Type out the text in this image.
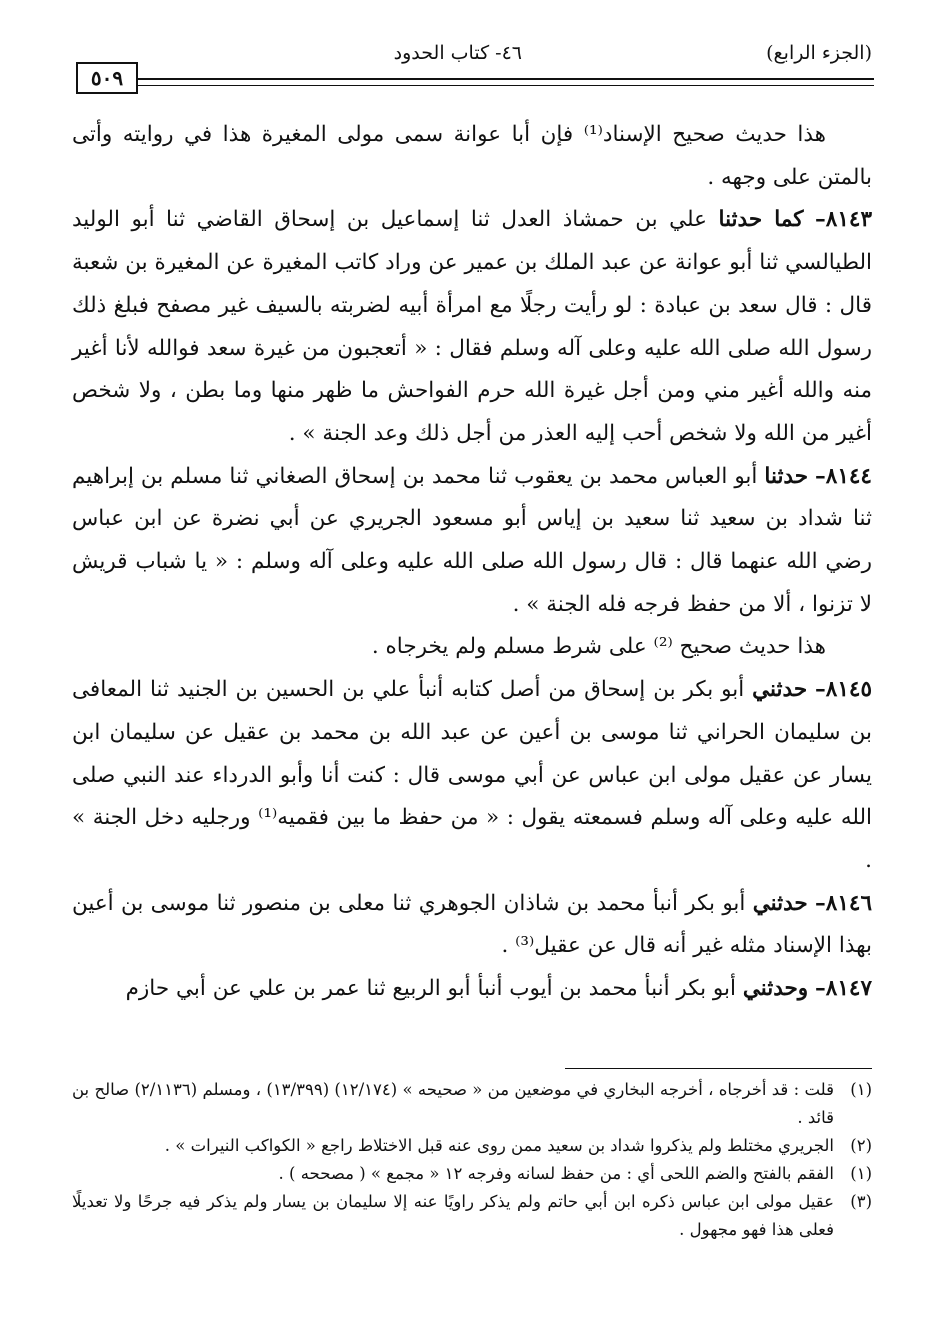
(الجزء الرابع)
٤٦- كتاب الحدود
٥٠٩

هذا حديث صحيح الإسناد⁽¹⁾ فإن أبا عوانة سمى مولى المغيرة هذا في روايته وأتى بالمتن على وجهه .

٨١٤٣– كما حدثنا علي بن حمشاذ العدل ثنا إسماعيل بن إسحاق القاضي ثنا أبو الوليد الطيالسي ثنا أبو عوانة عن عبد الملك بن عمير عن وراد كاتب المغيرة عن المغيرة بن شعبة قال : قال سعد بن عبادة : لو رأيت رجلًا مع امرأة أبيه لضربته بالسيف غير مصفح فبلغ ذلك رسول الله صلى الله عليه وعلى آله وسلم فقال : « أتعجبون من غيرة سعد فوالله لأنا أغير منه والله أغير مني ومن أجل غيرة الله حرم الفواحش ما ظهر منها وما بطن ، ولا شخص أغير من الله ولا شخص أحب إليه العذر من أجل ذلك وعد الجنة » .

٨١٤٤– حدثنا أبو العباس محمد بن يعقوب ثنا محمد بن إسحاق الصغاني ثنا مسلم بن إبراهيم ثنا شداد بن سعيد ثنا سعيد بن إياس أبو مسعود الجريري عن أبي نضرة عن ابن عباس رضي الله عنهما قال : قال رسول الله صلى الله عليه وعلى آله وسلم : « يا شباب قريش لا تزنوا ، ألا من حفظ فرجه فله الجنة » .

هذا حديث صحيح ⁽²⁾ على شرط مسلم ولم يخرجاه .

٨١٤٥– حدثني أبو بكر بن إسحاق من أصل كتابه أنبأ علي بن الحسين بن الجنيد ثنا المعافى بن سليمان الحراني ثنا موسى بن أعين عن عبد الله بن محمد بن عقيل عن سليمان ابن يسار عن عقيل مولى ابن عباس عن أبي موسى قال : كنت أنا وأبو الدرداء عند النبي صلى الله عليه وعلى آله وسلم فسمعته يقول : « من حفظ ما بين فقميه⁽¹⁾ ورجليه دخل الجنة » .

٨١٤٦– حدثني أبو بكر أنبأ محمد بن شاذان الجوهري ثنا معلى بن منصور ثنا موسى بن أعين بهذا الإسناد مثله غير أنه قال عن عقيل⁽³⁾ .

٨١٤٧– وحدثني أبو بكر أنبأ محمد بن أيوب أنبأ أبو الربيع ثنا عمر بن علي عن أبي حازم

(١)
قلت : قد أخرجاه ، أخرجه البخاري في موضعين من « صحيحه » (١٢/١٧٤) (١٣/٣٩٩) ، ومسلم (٢/١١٣٦) صالح بن قائد .

(٢)
الجريري مختلط ولم يذكروا شداد بن سعيد ممن روى عنه قبل الاختلاط راجع « الكواكب النيرات » .

(١)
الفقم بالفتح والضم اللحى أي : من حفظ لسانه وفرجه ١٢ « مجمع » ( مصححه ) .

(٣)
عقيل مولى ابن عباس ذكره ابن أبي حاتم ولم يذكر راويًا عنه إلا سليمان بن يسار ولم يذكر فيه جرحًا ولا تعديلًا فعلى هذا فهو مجهول .
